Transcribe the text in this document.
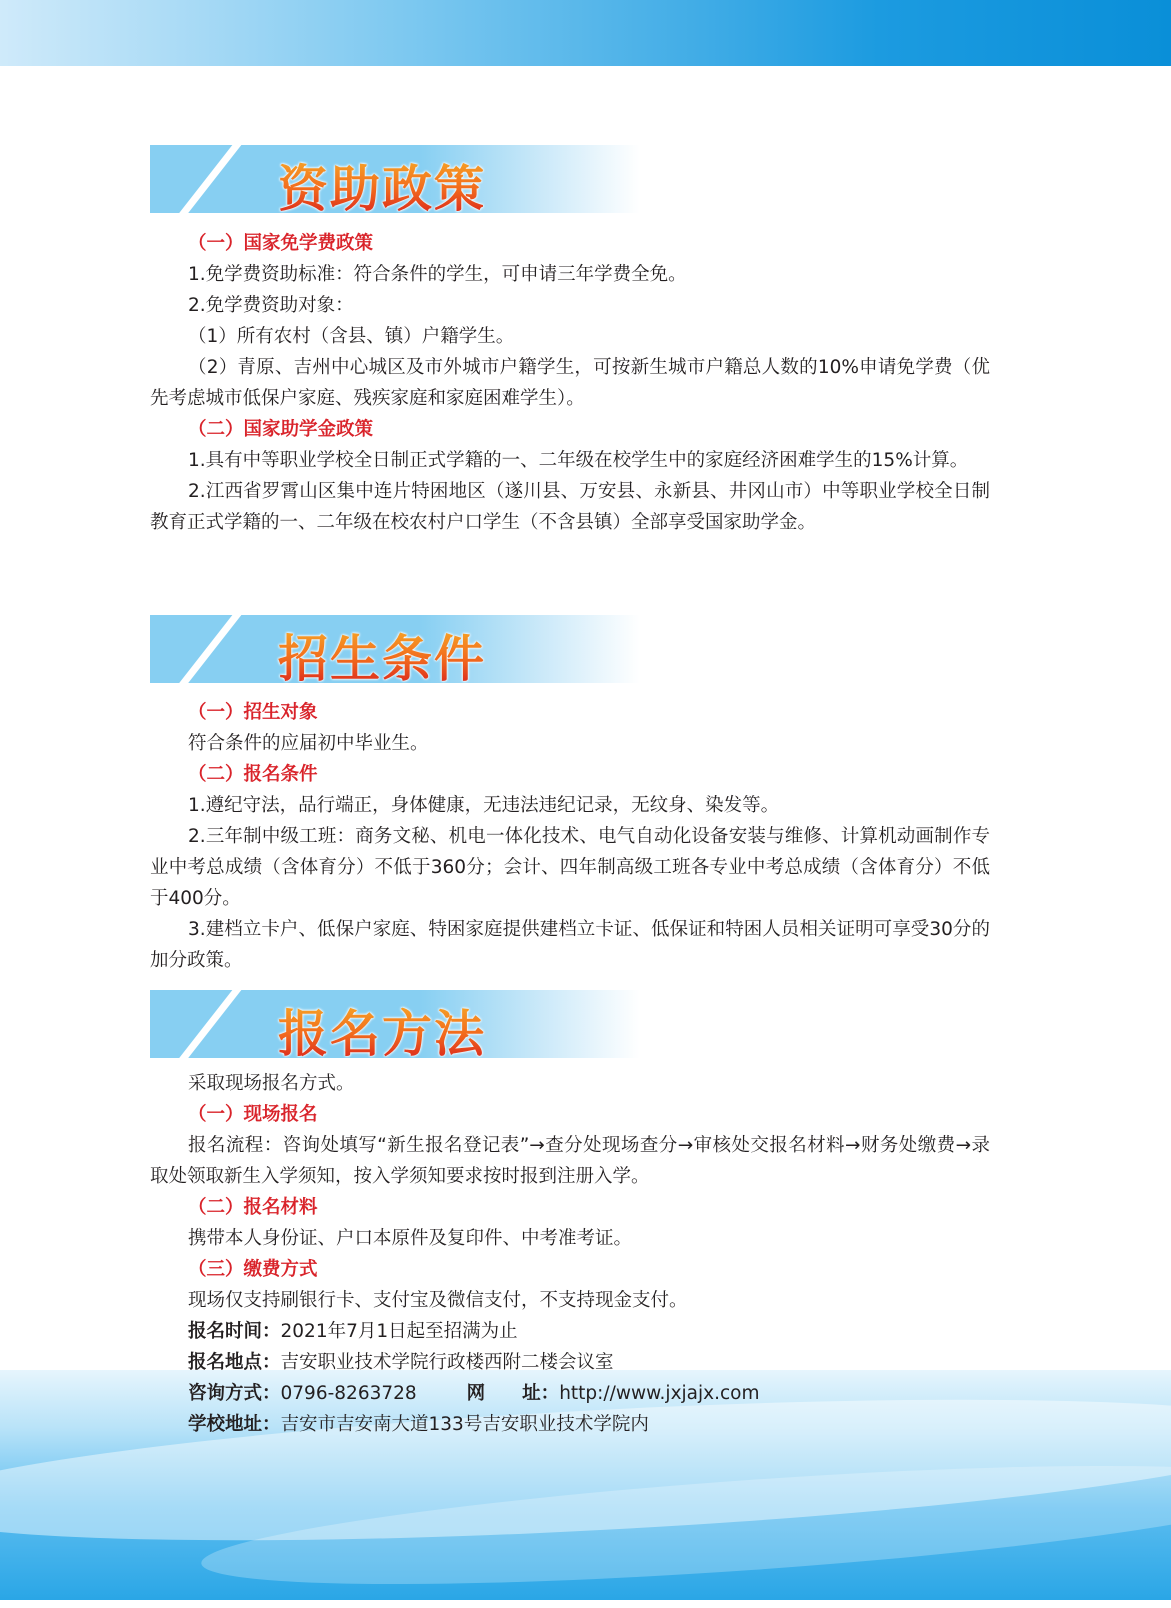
资助政策

（一）国家免学费政策

1.免学费资助标准：符合条件的学生，可申请三年学费全免。

2.免学费资助对象：

（1）所有农村（含县、镇）户籍学生。

（2）青原、吉州中心城区及市外城市户籍学生，可按新生城市户籍总人数的10%申请免学费（优先考虑城市低保户家庭、残疾家庭和家庭困难学生）。

（二）国家助学金政策

1.具有中等职业学校全日制正式学籍的一、二年级在校学生中的家庭经济困难学生的15%计算。

2.江西省罗霄山区集中连片特困地区（遂川县、万安县、永新县、井冈山市）中等职业学校全日制教育正式学籍的一、二年级在校农村户口学生（不含县镇）全部享受国家助学金。

招生条件

（一）招生对象

符合条件的应届初中毕业生。

（二）报名条件

1.遵纪守法，品行端正，身体健康，无违法违纪记录，无纹身、染发等。

2.三年制中级工班：商务文秘、机电一体化技术、电气自动化设备安装与维修、计算机动画制作专业中考总成绩（含体育分）不低于360分；会计、四年制高级工班各专业中考总成绩（含体育分）不低于400分。

3.建档立卡户、低保户家庭、特困家庭提供建档立卡证、低保证和特困人员相关证明可享受30分的加分政策。

报名方法

采取现场报名方式。

（一）现场报名

报名流程：咨询处填写“新生报名登记表”→查分处现场查分→审核处交报名材料→财务处缴费→录取处领取新生入学须知，按入学须知要求按时报到注册入学。

（二）报名材料

携带本人身份证、户口本原件及复印件、中考准考证。

（三）缴费方式

现场仅支持刷银行卡、支付宝及微信支付，不支持现金支付。

报名时间：2021年7月1日起至招满为止

报名地点：吉安职业技术学院行政楼西附二楼会议室

咨询方式：0796-8263728	网　　址：http://www.jxjajx.com

学校地址：吉安市吉安南大道133号吉安职业技术学院内
